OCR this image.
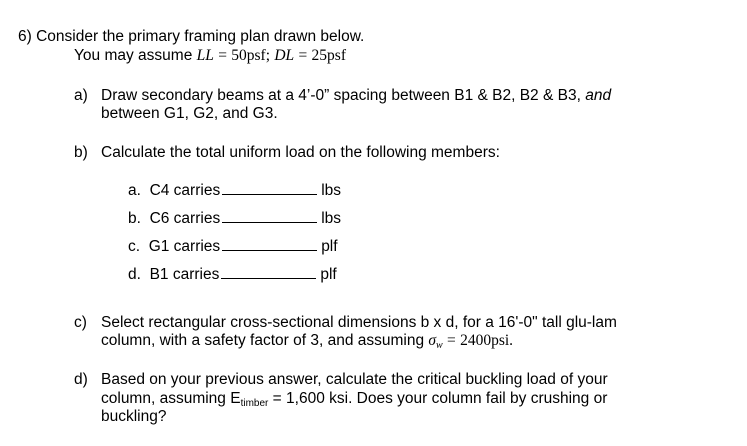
6) Consider the primary framing plan drawn below.
You may assume LL = 50psf; DL = 25psf
a) Draw secondary beams at a 4’-0” spacing between B1 & B2, B2 & B3, and
between G1, G2, and G3.
b) Calculate the total uniform load on the following members:
a. C4 carries	lbs
b. C6 carries	lbs
c. G1 carries	plf
d. B1 carries	plf
c) Select rectangular cross-sectional dimensions b x d, for a 16'-0" tall glu-lam
column, with a safety factor of 3, and assuming $\sigma_w = 2400psi$.
d) Based on your previous answer, calculate the critical buckling load of your
column, assuming Etimber = 1,600 ksi. Does your column fail by crushing or
buckling?
